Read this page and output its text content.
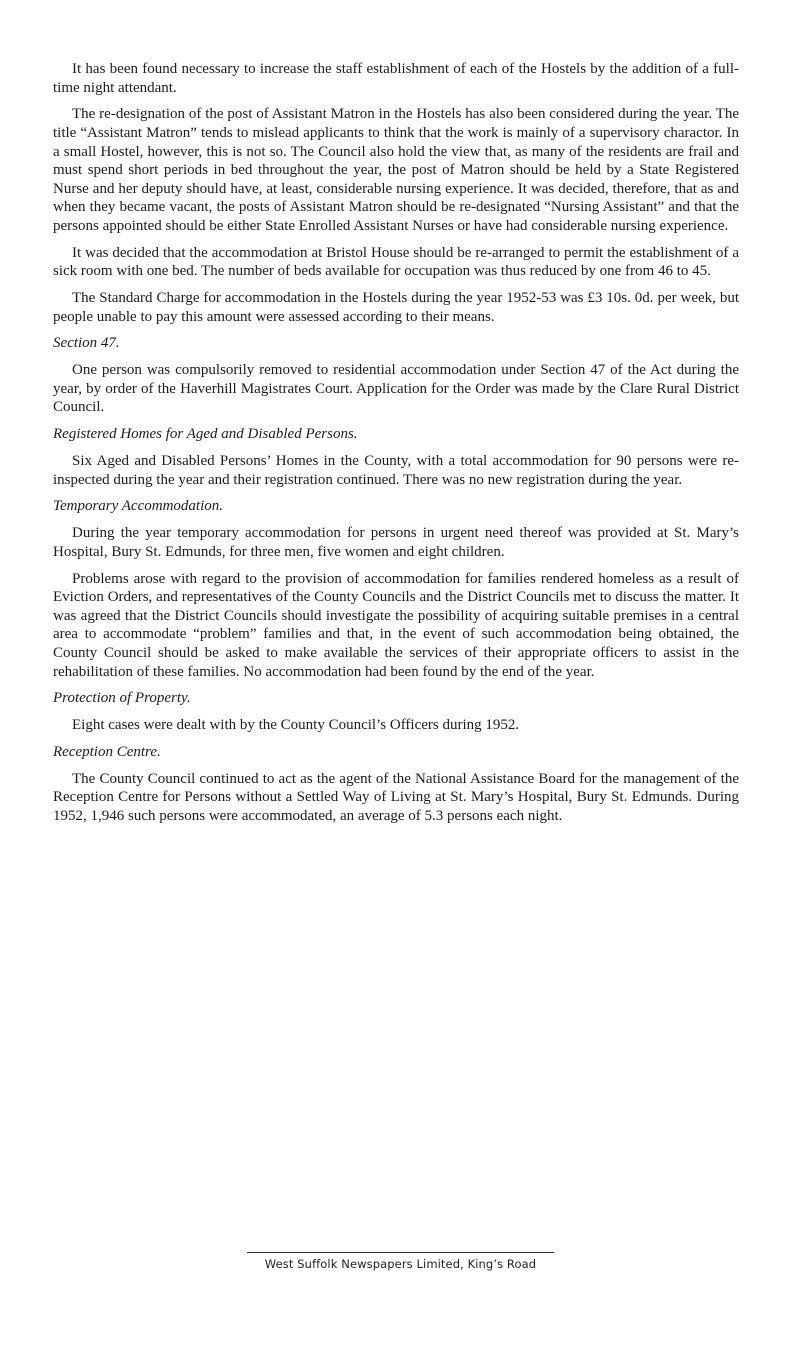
It has been found necessary to increase the staff establishment of each of the Hostels by the addition of a full-time night attendant.

The re-designation of the post of Assistant Matron in the Hostels has also been considered during the year. The title “Assistant Matron” tends to mislead applicants to think that the work is mainly of a supervisory charactor. In a small Hostel, however, this is not so. The Council also hold the view that, as many of the residents are frail and must spend short periods in bed throughout the year, the post of Matron should be held by a State Registered Nurse and her deputy should have, at least, considerable nursing experience. It was decided, therefore, that as and when they became vacant, the posts of Assistant Matron should be re-designated “Nursing Assistant” and that the persons appointed should be either State Enrolled Assistant Nurses or have had considerable nursing experience.

It was decided that the accommodation at Bristol House should be re-arranged to permit the establishment of a sick room with one bed. The number of beds available for occupation was thus reduced by one from 46 to 45.

The Standard Charge for accommodation in the Hostels during the year 1952-53 was £3 10s. 0d. per week, but people unable to pay this amount were assessed according to their means.

Section 47.

One person was compulsorily removed to residential accommodation under Section 47 of the Act during the year, by order of the Haverhill Magistrates Court. Application for the Order was made by the Clare Rural District Council.

Registered Homes for Aged and Disabled Persons.

Six Aged and Disabled Persons’ Homes in the County, with a total accommodation for 90 persons were re-inspected during the year and their registration continued. There was no new registration during the year.

Temporary Accommodation.

During the year temporary accommodation for persons in urgent need thereof was provided at St. Mary’s Hospital, Bury St. Edmunds, for three men, five women and eight children.

Problems arose with regard to the provision of accommodation for families rendered homeless as a result of Eviction Orders, and representatives of the County Councils and the District Councils met to discuss the matter. It was agreed that the District Councils should investigate the possibility of acquiring suitable premises in a central area to accommodate “problem” families and that, in the event of such accommodation being obtained, the County Council should be asked to make available the services of their appropriate officers to assist in the rehabilitation of these families. No accommodation had been found by the end of the year.

Protection of Property.

Eight cases were dealt with by the County Council’s Officers during 1952.

Reception Centre.

The County Council continued to act as the agent of the National Assistance Board for the management of the Reception Centre for Persons without a Settled Way of Living at St. Mary’s Hospital, Bury St. Edmunds. During 1952, 1,946 such persons were accommodated, an average of 5.3 persons each night.

West Suffolk Newspapers Limited, King’s Road
